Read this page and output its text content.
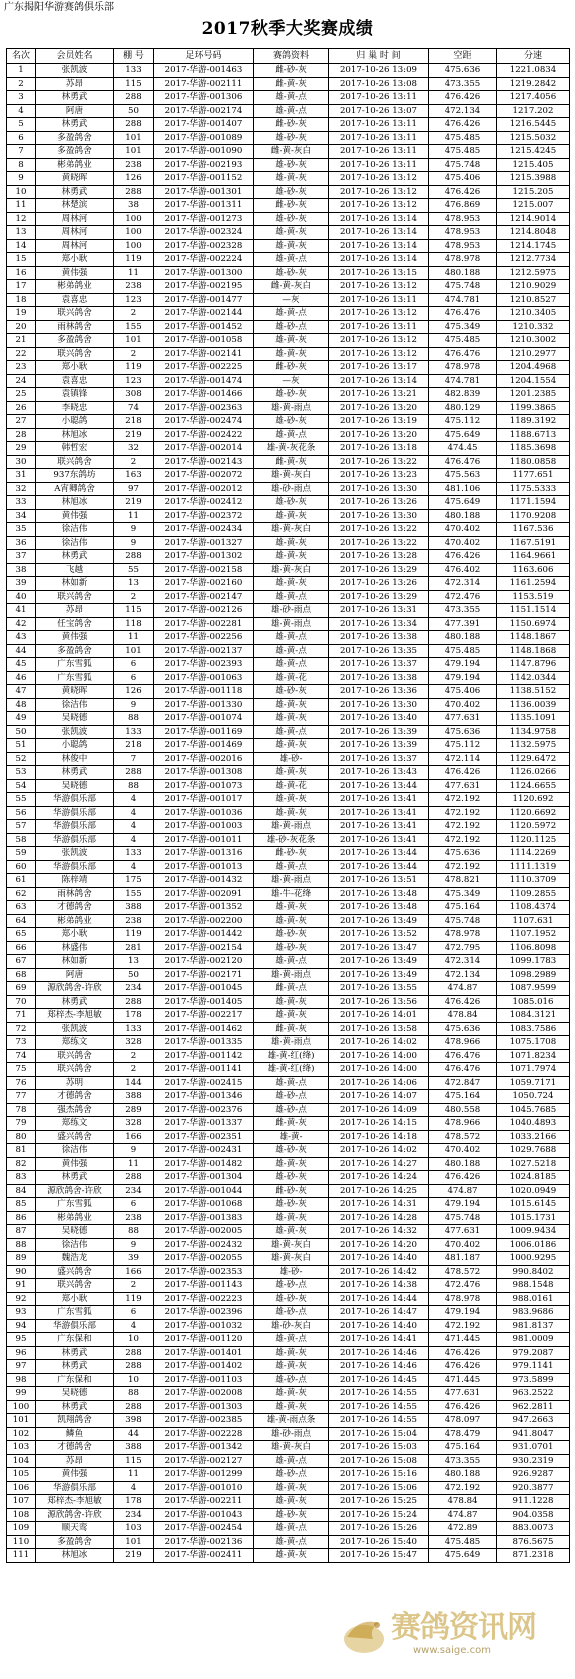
广东揭阳华游赛鸽俱乐部
2017秋季大奖赛成绩
名次	会员姓名	棚 号	足环号码	赛鸽资料	归 巢 时 间	空距	分速
1	张凯波	133	2017-华游-001463	雌-砂-灰	2017-10-26 13:09	475.636	1221.0834
2	苏昂	115	2017-华游-002111	雌-黄-灰	2017-10-26 13:08	473.355	1219.2842
3	林勇武	288	2017-华游-001306	雄-黄-点	2017-10-26 13:11	476.426	1217.4056
4	阿唐	50	2017-华游-002174	雄-黄-点	2017-10-26 13:07	472.134	1217.202
5	林勇武	288	2017-华游-001407	雌-砂-灰	2017-10-26 13:11	476.426	1216.5445
6	多盈鸽舍	101	2017-华游-001089	雄-砂-灰	2017-10-26 13:11	475.485	1215.5032
7	多盈鸽舍	101	2017-华游-001090	雌-黄-灰白	2017-10-26 13:11	475.485	1215.4245
8	彬弟鸽业	238	2017-华游-002193	雄-砂-灰	2017-10-26 13:11	475.748	1215.405
9	黄晓晖	126	2017-华游-001152	雄-黄-灰	2017-10-26 13:12	475.406	1215.3988
10	林勇武	288	2017-华游-001301	雄-砂-灰	2017-10-26 13:12	476.426	1215.205
11	林楚滨	38	2017-华游-001311	雌-砂-灰	2017-10-26 13:12	476.869	1215.007
12	周林河	100	2017-华游-001273	雄-砂-灰	2017-10-26 13:14	478.953	1214.9014
13	周林河	100	2017-华游-002324	雄-黄-灰	2017-10-26 13:14	478.953	1214.8048
14	周林河	100	2017-华游-002328	雄-黄-灰	2017-10-26 13:14	478.953	1214.1745
15	郑小耿	119	2017-华游-002224	雄-黄-点	2017-10-26 13:14	478.978	1212.7734
16	黄伟强	11	2017-华游-001300	雄-砂-灰	2017-10-26 13:15	480.188	1212.5975
17	彬弟鸽业	238	2017-华游-002195	雌-黄-灰白	2017-10-26 13:12	475.748	1210.9029
18	袁喜忠	123	2017-华游-001477	—灰	2017-10-26 13:11	474.781	1210.8527
19	联兴鸽舍	2	2017-华游-002144	雄-黄-点	2017-10-26 13:12	476.476	1210.3405
20	雨林鸽舍	155	2017-华游-001452	雄-砂-点	2017-10-26 13:11	475.349	1210.332
21	多盈鸽舍	101	2017-华游-001058	雄-黄-灰	2017-10-26 13:12	475.485	1210.3002
22	联兴鸽舍	2	2017-华游-002141	雄-黄-灰	2017-10-26 13:12	476.476	1210.2977
23	郑小耿	119	2017-华游-002225	雌-砂-灰	2017-10-26 13:17	478.978	1204.4968
24	袁喜忠	123	2017-华游-001474	—灰	2017-10-26 13:14	474.781	1204.1554
25	袁镇锋	308	2017-华游-001466	雄-砂-灰	2017-10-26 13:21	482.839	1201.2385
26	李晓忠	74	2017-华游-002363	雄-黄-雨点	2017-10-26 13:20	480.129	1199.3865
27	小聪鸽	218	2017-华游-002474	雄-砂-灰	2017-10-26 13:19	475.112	1189.3192
28	林旭冰	219	2017-华游-002422	雄-黄-点	2017-10-26 13:20	475.649	1188.6713
29	韩哲宏	32	2017-华游-002014	雄-黄-灰花条	2017-10-26 13:18	474.45	1185.3698
30	联兴鸽舍	2	2017-华游-002143	雌-黄-灰	2017-10-26 13:22	476.476	1180.0858
31	937东鸽坊	163	2017-华游-002072	雄-黄-灰白	2017-10-26 13:23	475.563	1177.651
32	A宵卿鸽舍	97	2017-华游-002012	雄-砂-雨点	2017-10-26 13:30	481.106	1175.5333
33	林旭冰	219	2017-华游-002412	雄-砂-灰	2017-10-26 13:26	475.649	1171.1594
34	黄伟强	11	2017-华游-002372	雄-黄-灰	2017-10-26 13:30	480.188	1170.9208
35	徐洁伟	9	2017-华游-002434	雄-黄-灰白	2017-10-26 13:22	470.402	1167.536
36	徐洁伟	9	2017-华游-001327	雄-黄-灰	2017-10-26 13:22	470.402	1167.5191
37	林勇武	288	2017-华游-001302	雄-黄-灰	2017-10-26 13:28	476.426	1164.9661
38	飞越	55	2017-华游-002158	雄-黄-灰白	2017-10-26 13:29	476.402	1163.606
39	林如新	13	2017-华游-002160	雄-黄-灰	2017-10-26 13:26	472.314	1161.2594
40	联兴鸽舍	2	2017-华游-002147	雄-黄-点	2017-10-26 13:29	472.476	1153.519
41	苏昂	115	2017-华游-002126	雄-砂-雨点	2017-10-26 13:31	473.355	1151.1514
42	任宝鸽舍	118	2017-华游-002281	雄-黄-雨点	2017-10-26 13:34	477.391	1150.6974
43	黄伟强	11	2017-华游-002256	雄-黄-点	2017-10-26 13:38	480.188	1148.1867
44	多盈鸽舍	101	2017-华游-002137	雄-黄-点	2017-10-26 13:35	475.485	1148.1868
45	广东雪狐	6	2017-华游-002393	雄-黄-点	2017-10-26 13:37	479.194	1147.8796
46	广东雪狐	6	2017-华游-001063	雄-黄-花	2017-10-26 13:38	479.194	1142.0344
47	黄晓晖	126	2017-华游-001118	雄-砂-灰	2017-10-26 13:36	475.406	1138.5152
48	徐洁伟	9	2017-华游-001330	雄-黄-灰	2017-10-26 13:30	470.402	1136.0039
49	吴晓德	88	2017-华游-001074	雄-黄-灰	2017-10-26 13:40	477.631	1135.1091
50	张凯波	133	2017-华游-001169	雄-黄-点	2017-10-26 13:39	475.636	1134.9758
51	小聪鸽	218	2017-华游-001469	雄-黄-灰	2017-10-26 13:39	475.112	1132.5975
52	林俊中	7	2017-华游-002016	雄-砂-	2017-10-26 13:37	472.114	1129.6472
53	林勇武	288	2017-华游-001308	雄-黄-灰	2017-10-26 13:43	476.426	1126.0266
54	吴晓德	88	2017-华游-001073	雄-黄-花	2017-10-26 13:44	477.631	1124.6655
55	华游俱乐部	4	2017-华游-001017	雄-黄-灰	2017-10-26 13:41	472.192	1120.692
56	华游俱乐部	4	2017-华游-001036	雄-黄-灰	2017-10-26 13:41	472.192	1120.6692
57	华游俱乐部	4	2017-华游-001003	雄-黄-雨点	2017-10-26 13:41	472.192	1120.5972
58	华游俱乐部	4	2017-华游-001011	雄-砂-灰花条	2017-10-26 13:41	472.192	1120.1125
59	张凯波	133	2017-华游-001316	雌-砂-灰	2017-10-26 13:44	475.636	1114.2269
60	华游俱乐部	4	2017-华游-001013	雄-黄-点	2017-10-26 13:44	472.192	1111.1319
61	陈梓靖	175	2017-华游-001432	雄-黄-雨点	2017-10-26 13:51	478.821	1110.3709
62	雨林鸽舍	155	2017-华游-002091	雄-牛-花绛	2017-10-26 13:48	475.349	1109.2855
63	才德鸽舍	388	2017-华游-001352	雄-黄-灰	2017-10-26 13:48	475.164	1108.4374
64	彬弟鸽业	238	2017-华游-002200	雄-黄-灰	2017-10-26 13:49	475.748	1107.631
65	郑小耿	119	2017-华游-001442	雄-砂-灰	2017-10-26 13:52	478.978	1107.1952
66	林盛伟	281	2017-华游-002154	雄-砂-灰	2017-10-26 13:47	472.795	1106.8098
67	林如新	13	2017-华游-002120	雄-黄-点	2017-10-26 13:49	472.314	1099.1783
68	阿唐	50	2017-华游-002171	雄-黄-雨点	2017-10-26 13:49	472.134	1098.2989
69	源欣鸽舍-许欣	234	2017-华游-001045	雌-黄-点	2017-10-26 13:55	474.87	1087.9599
70	林勇武	288	2017-华游-001405	雄-黄-灰	2017-10-26 13:56	476.426	1085.016
71	郑梓杰-李旭敏	178	2017-华游-002217	雄-黄-灰	2017-10-26 14:01	478.84	1084.3121
72	张凯波	133	2017-华游-001462	雌-黄-灰	2017-10-26 13:58	475.636	1083.7586
73	郑练文	328	2017-华游-001335	雄-黄-雨点	2017-10-26 14:02	478.966	1075.1708
74	联兴鸽舍	2	2017-华游-001142	雄-黄-红(绛)	2017-10-26 14:00	476.476	1071.8234
75	联兴鸽舍	2	2017-华游-001141	雄-黄-红(绛)	2017-10-26 14:00	476.476	1071.7974
76	苏明	144	2017-华游-002415	雄-黄-点	2017-10-26 14:06	472.847	1059.7171
77	才德鸽舍	388	2017-华游-001346	雄-砂-点	2017-10-26 14:07	475.164	1050.724
78	强杰鸽舍	289	2017-华游-002376	雄-砂-点	2017-10-26 14:09	480.558	1045.7685
79	郑练文	328	2017-华游-001337	雌-黄-灰	2017-10-26 14:15	478.966	1040.4893
80	盛兴鸽舍	166	2017-华游-002351	雄-黄-	2017-10-26 14:18	478.572	1033.2166
81	徐洁伟	9	2017-华游-002431	雄-砂-灰	2017-10-26 14:02	470.402	1029.7688
82	黄伟强	11	2017-华游-001482	雄-黄-灰	2017-10-26 14:27	480.188	1027.5218
83	林勇武	288	2017-华游-001304	雄-砂-灰	2017-10-26 14:24	476.426	1024.8185
84	源欣鸽舍-许欣	234	2017-华游-001044	雌-砂-灰	2017-10-26 14:25	474.87	1020.0949
85	广东雪狐	6	2017-华游-001068	雄-砂-灰	2017-10-26 14:31	479.194	1015.6145
86	彬弟鸽业	238	2017-华游-001383	雄-黄-灰	2017-10-26 14:28	475.748	1015.1731
87	吴晓德	88	2017-华游-002005	雄-黄-灰	2017-10-26 14:32	477.631	1009.9434
88	徐洁伟	9	2017-华游-002432	雄-黄-灰白	2017-10-26 14:20	470.402	1006.0186
89	魏浩龙	39	2017-华游-002055	雄-黄-灰白	2017-10-26 14:40	481.187	1000.9295
90	盛兴鸽舍	166	2017-华游-002353	雄-砂-	2017-10-26 14:42	478.572	990.8402
91	联兴鸽舍	2	2017-华游-001143	雄-砂-点	2017-10-26 14:38	472.476	988.1548
92	郑小耿	119	2017-华游-002223	雄-砂-灰	2017-10-26 14:44	478.978	988.0161
93	广东雪狐	6	2017-华游-002396	雄-砂-点	2017-10-26 14:47	479.194	983.9686
94	华游俱乐部	4	2017-华游-001032	雄-砂-灰白	2017-10-26 14:40	472.192	981.8137
95	广东保和	10	2017-华游-001120	雄-黄-点	2017-10-26 14:41	471.445	981.0009
96	林勇武	288	2017-华游-001401	雄-黄-灰	2017-10-26 14:46	476.426	979.2087
97	林勇武	288	2017-华游-001402	雄-黄-灰	2017-10-26 14:46	476.426	979.1141
98	广东保和	10	2017-华游-001103	雄-砂-点	2017-10-26 14:45	471.445	973.5899
99	吴晓德	88	2017-华游-002008	雄-黄-灰	2017-10-26 14:55	477.631	963.2522
100	林勇武	288	2017-华游-001303	雄-黄-灰	2017-10-26 14:55	476.426	962.2811
101	凯翔鸽舍	398	2017-华游-002385	雄-黄-雨点条	2017-10-26 14:55	478.097	947.2663
102	鳞鱼	44	2017-华游-002228	雄-砂-雨点	2017-10-26 15:04	478.479	941.8047
103	才德鸽舍	388	2017-华游-001342	雄-黄-灰白	2017-10-26 15:03	475.164	931.0701
104	苏昂	115	2017-华游-002127	雄-黄-点	2017-10-26 15:08	473.355	930.2319
105	黄伟强	11	2017-华游-001299	雄-砂-点	2017-10-26 15:16	480.188	926.9287
106	华游俱乐部	4	2017-华游-001010	雄-黄-灰	2017-10-26 15:06	472.192	920.3877
107	郑梓杰-李旭敏	178	2017-华游-002211	雄-黄-灰	2017-10-26 15:25	478.84	911.1228
108	源欣鸽舍-许欣	234	2017-华游-001043	雄-砂-灰	2017-10-26 15:24	474.87	904.0358
109	顺天鸾	103	2017-华游-002454	雄-黄-点	2017-10-26 15:26	472.89	883.0073
110	多盈鸽舍	101	2017-华游-002136	雄-黄-点	2017-10-26 15:40	475.485	876.5675
111	林旭冰	219	2017-华游-002411	雄-黄-灰	2017-10-26 15:47	475.649	871.2318
赛鸽资讯网
www.saige.com
